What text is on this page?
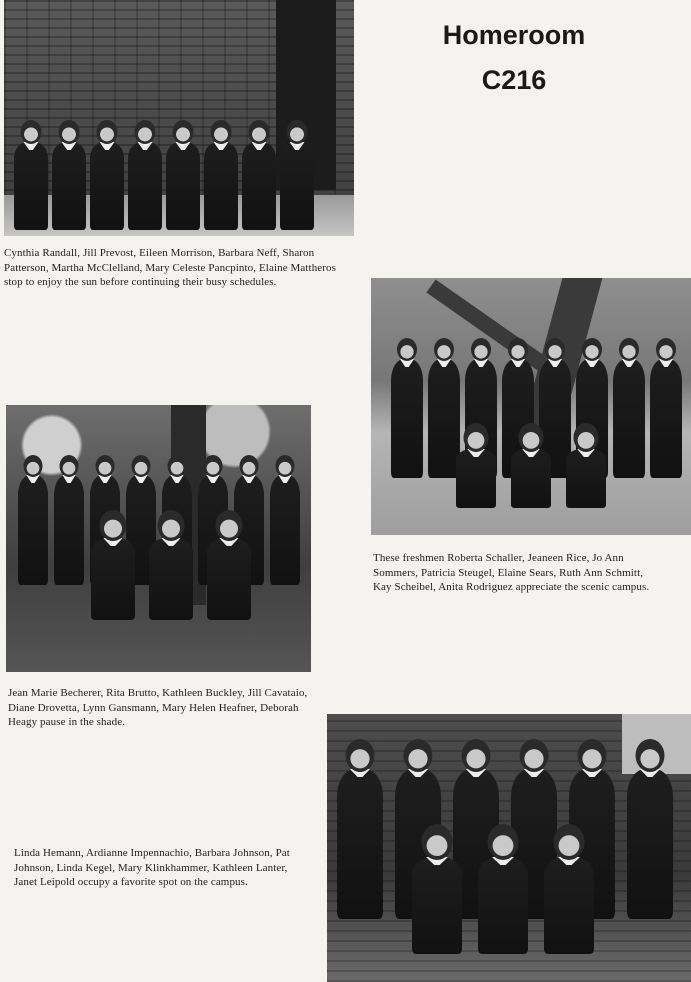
Homeroom
C216

Cynthia Randall, Jill Prevost, Eileen Morrison, Barbara Neff, Sharon Patterson, Martha McClelland, Mary Celeste Pancpinto, Elaine Mattheros stop to enjoy the sun before continuing their busy schedules.

These freshmen Roberta Schaller, Jeaneen Rice, Jo Ann Sommers, Patricia Steugel, Elaine Sears, Ruth Ann Schmitt, Kay Scheibel, Anita Rodriguez appreciate the scenic campus.

Jean Marie Becherer, Rita Brutto, Kathleen Buckley, Jill Cavataio, Diane Drovetta, Lynn Gansmann, Mary Helen Heafner, Deborah Heagy pause in the shade.

Linda Hemann, Ardianne Impennachio, Barbara Johnson, Pat Johnson, Linda Kegel, Mary Klinkhammer, Kathleen Lanter, Janet Leipold occupy a favorite spot on the campus.
